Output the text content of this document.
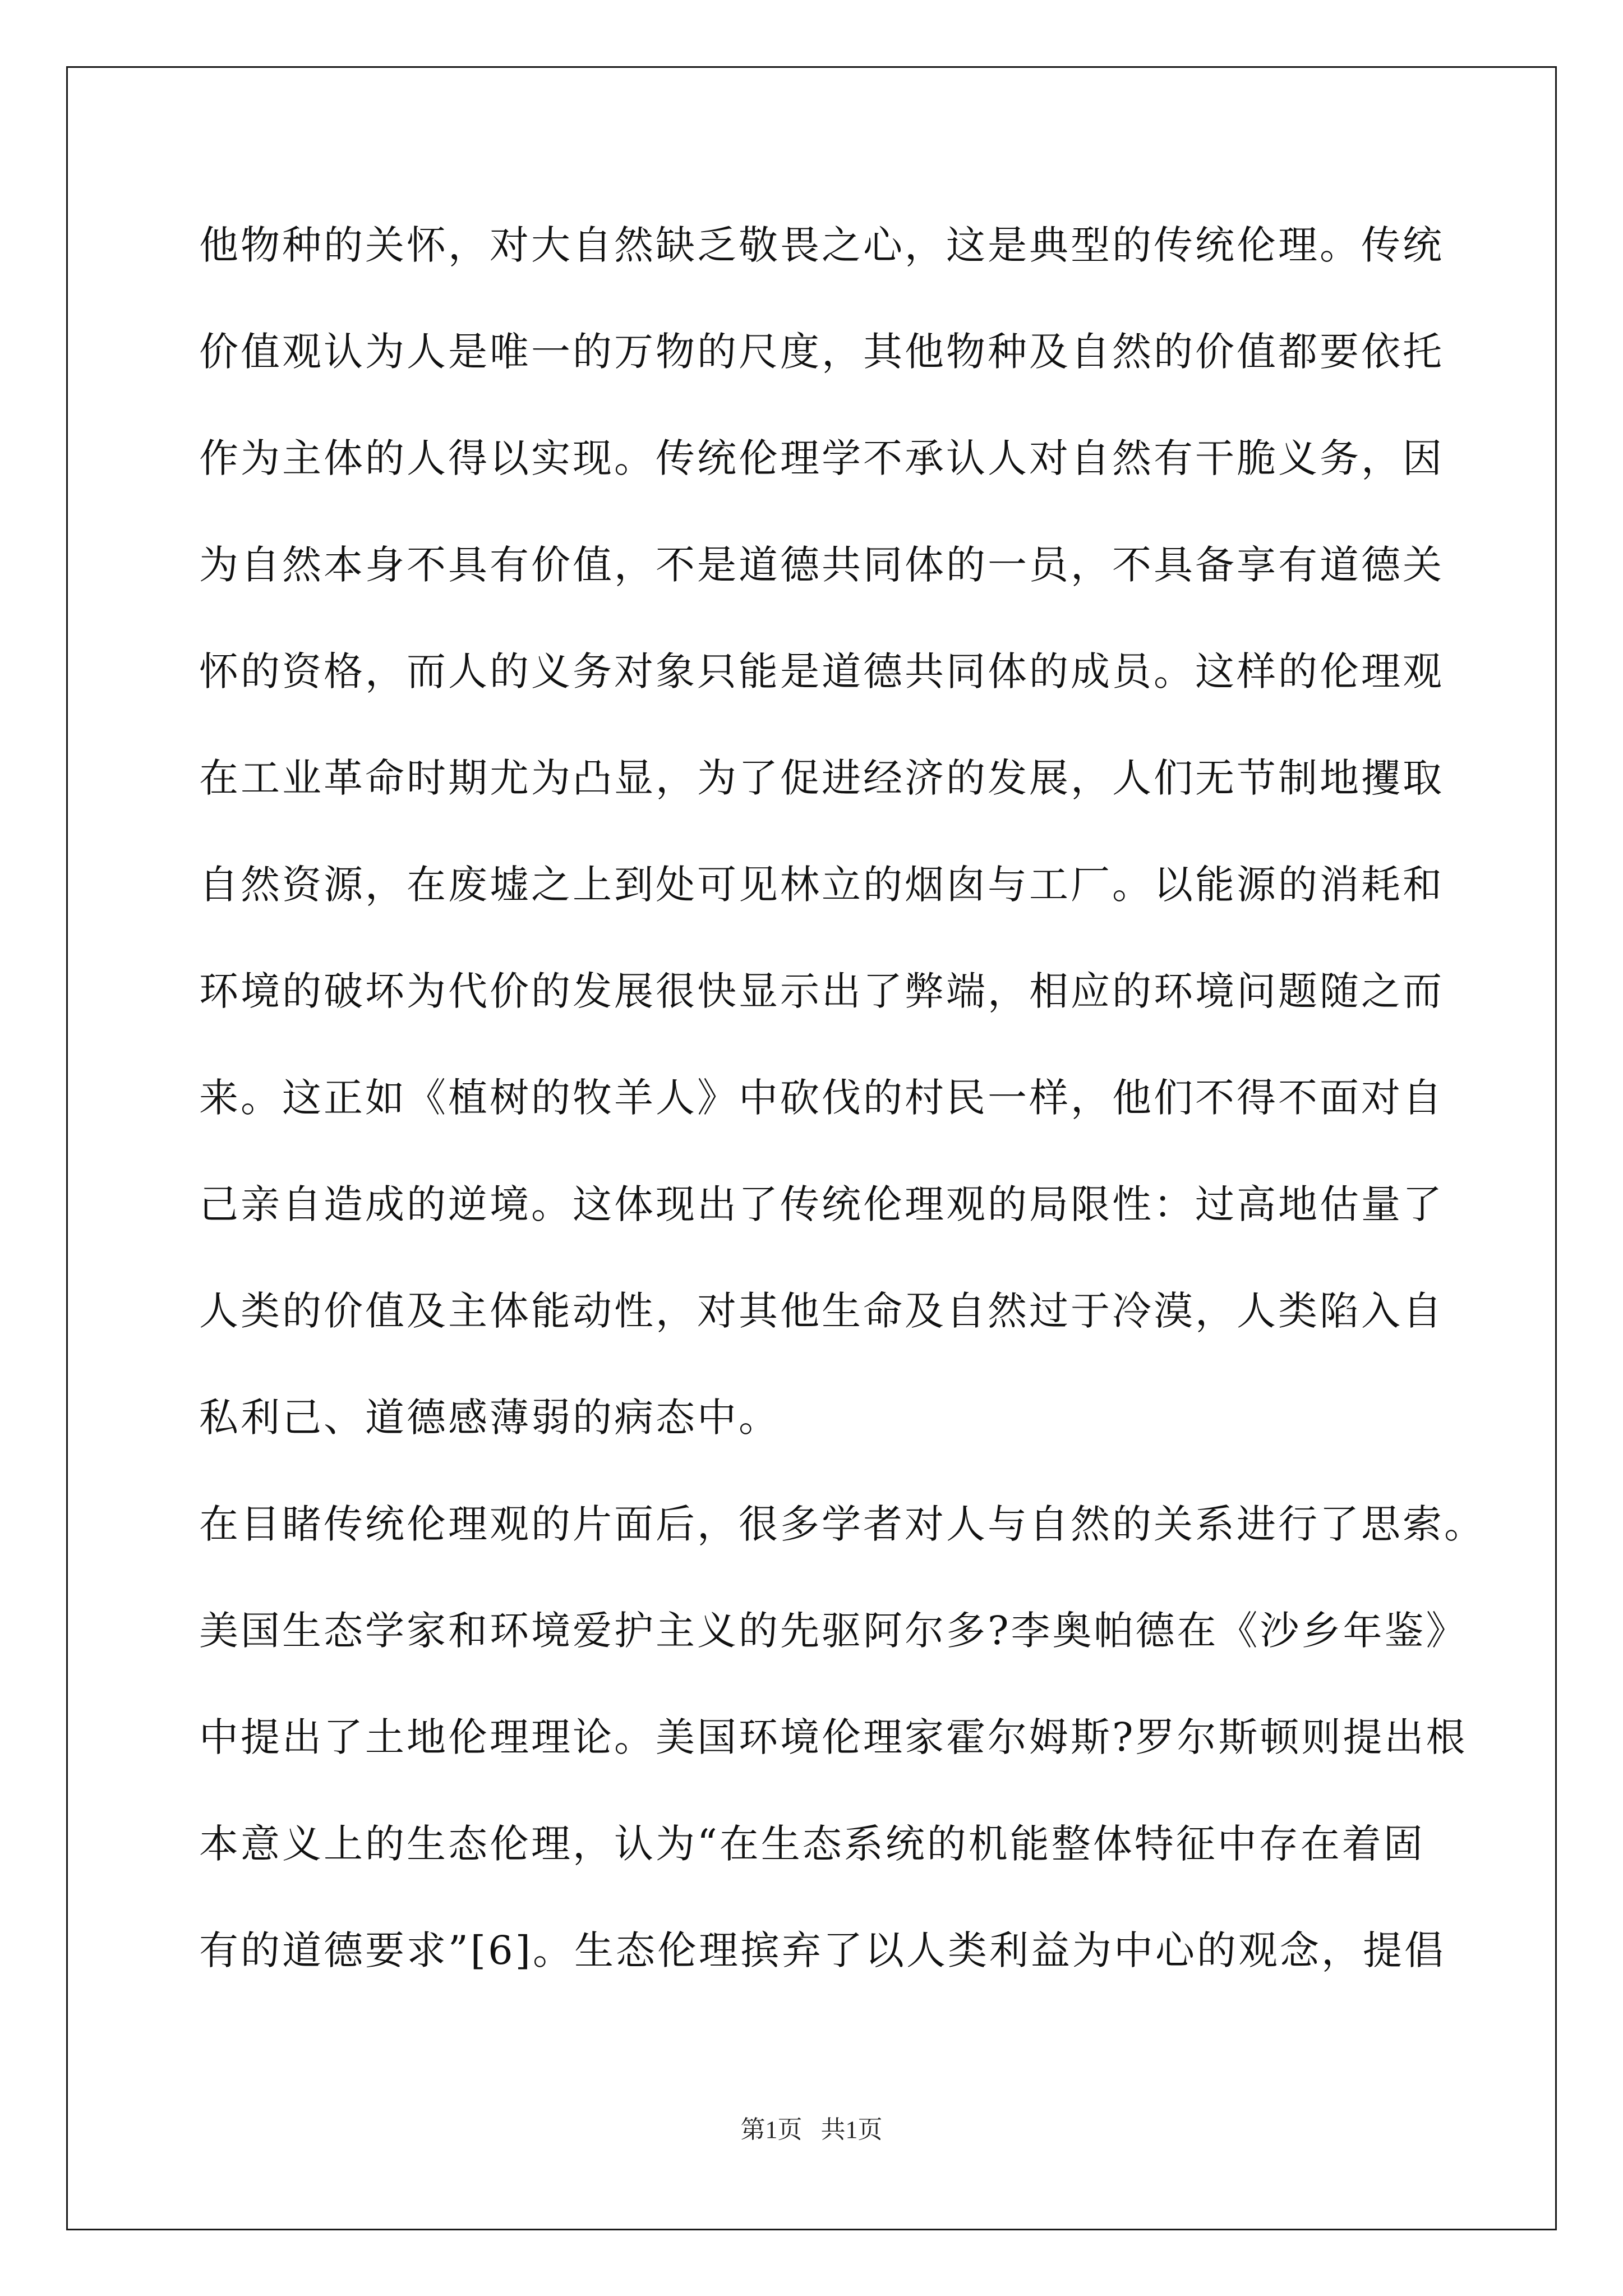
他物种的关怀，对大自然缺乏敬畏之心，这是典型的传统伦理。传统
价值观认为人是唯一的万物的尺度，其他物种及自然的价值都要依托
作为主体的人得以实现。传统伦理学不承认人对自然有干脆义务，因
为自然本身不具有价值，不是道德共同体的一员，不具备享有道德关
怀的资格，而人的义务对象只能是道德共同体的成员。这样的伦理观
在工业革命时期尤为凸显，为了促进经济的发展，人们无节制地攫取
自然资源，在废墟之上到处可见林立的烟囱与工厂。以能源的消耗和
环境的破坏为代价的发展很快显示出了弊端，相应的环境问题随之而
来。这正如《植树的牧羊人》中砍伐的村民一样，他们不得不面对自
己亲自造成的逆境。这体现出了传统伦理观的局限性：过高地估量了
人类的价值及主体能动性，对其他生命及自然过于冷漠，人类陷入自
私利己、道德感薄弱的病态中。
在目睹传统伦理观的片面后，很多学者对人与自然的关系进行了思索。
美国生态学家和环境爱护主义的先驱阿尔多?李奥帕德在《沙乡年鉴》
中提出了土地伦理理论。美国环境伦理家霍尔姆斯?罗尔斯顿则提出根
本意义上的生态伦理，认为“在生态系统的机能整体特征中存在着固
有的道德要求”[6]。生态伦理摈弃了以人类利益为中心的观念，提倡
第1页   共1页
